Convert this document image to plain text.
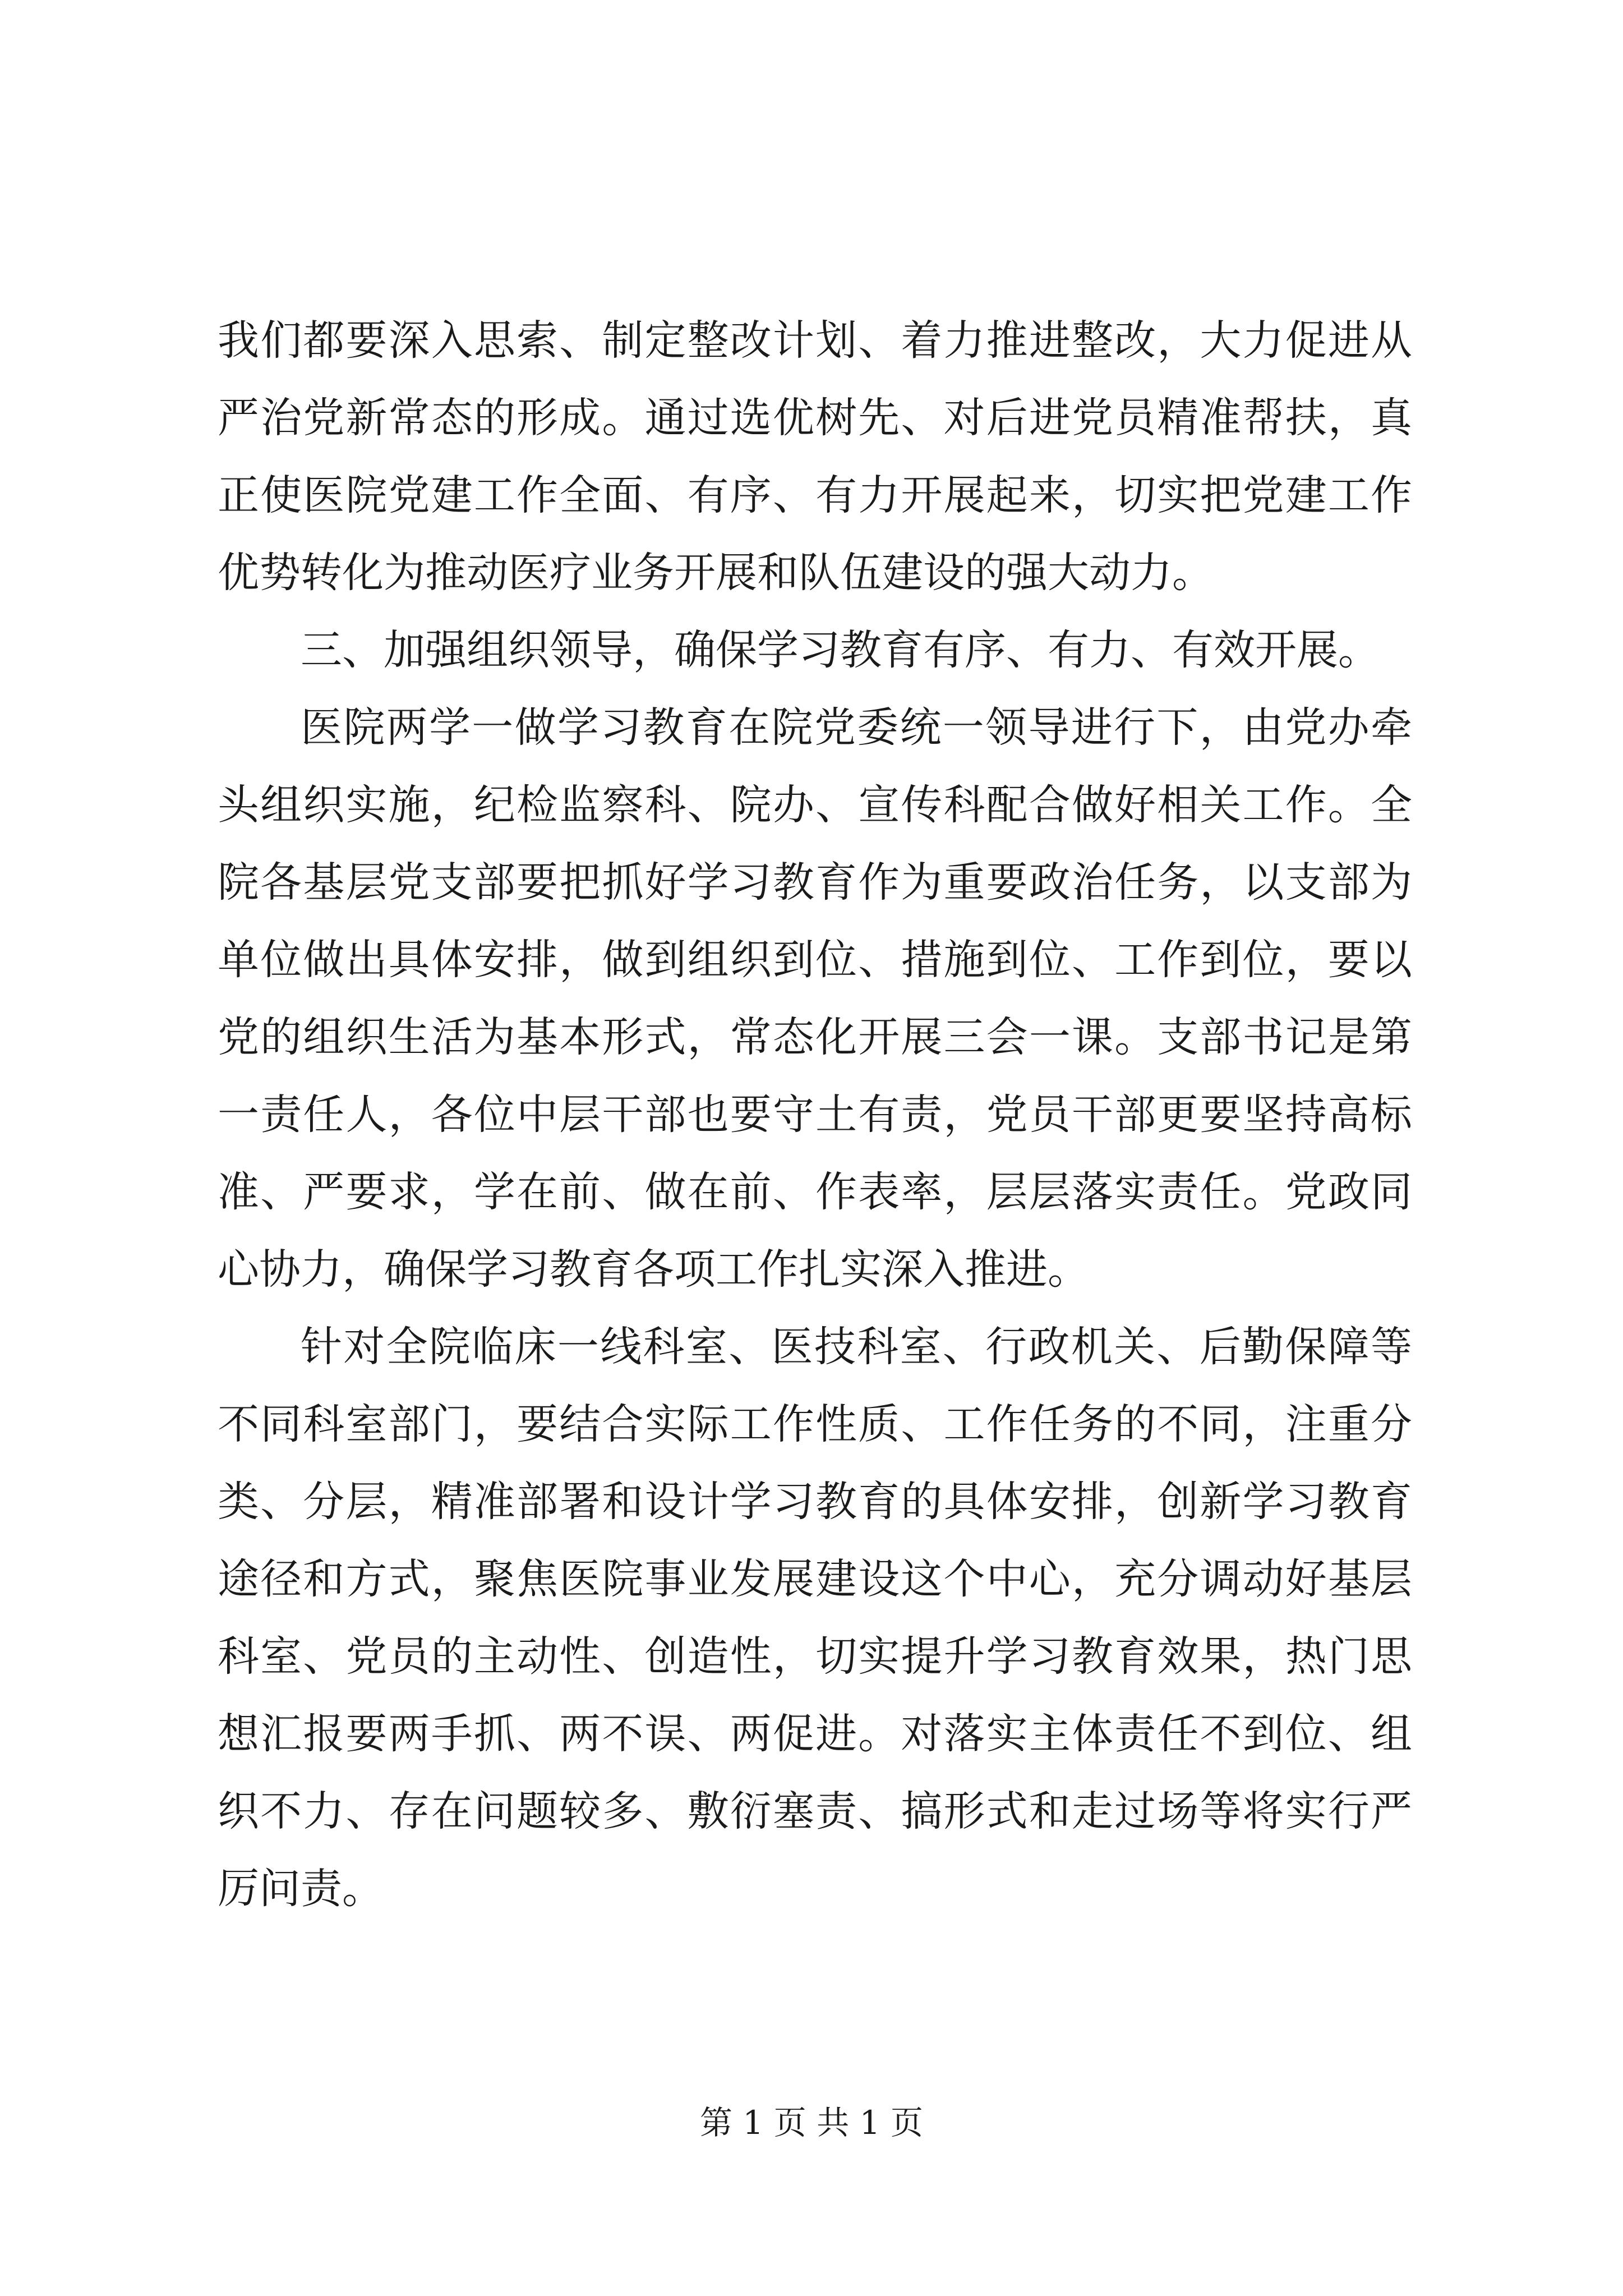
我们都要深入思索、制定整改计划、着力推进整改，大力促进从严治党新常态的形成。通过选优树先、对后进党员精准帮扶，真正使医院党建工作全面、有序、有力开展起来，切实把党建工作优势转化为推动医疗业务开展和队伍建设的强大动力。

三、加强组织领导，确保学习教育有序、有力、有效开展。

医院两学一做学习教育在院党委统一领导进行下，由党办牵头组织实施，纪检监察科、院办、宣传科配合做好相关工作。全院各基层党支部要把抓好学习教育作为重要政治任务，以支部为单位做出具体安排，做到组织到位、措施到位、工作到位，要以党的组织生活为基本形式，常态化开展三会一课。支部书记是第一责任人，各位中层干部也要守土有责，党员干部更要坚持高标准、严要求，学在前、做在前、作表率，层层落实责任。党政同心协力，确保学习教育各项工作扎实深入推进。

针对全院临床一线科室、医技科室、行政机关、后勤保障等不同科室部门，要结合实际工作性质、工作任务的不同，注重分类、分层，精准部署和设计学习教育的具体安排，创新学习教育途径和方式，聚焦医院事业发展建设这个中心，充分调动好基层科室、党员的主动性、创造性，切实提升学习教育效果，热门思想汇报要两手抓、两不误、两促进。对落实主体责任不到位、组织不力、存在问题较多、敷衍塞责、搞形式和走过场等将实行严厉问责。

第 1 页 共 1 页
